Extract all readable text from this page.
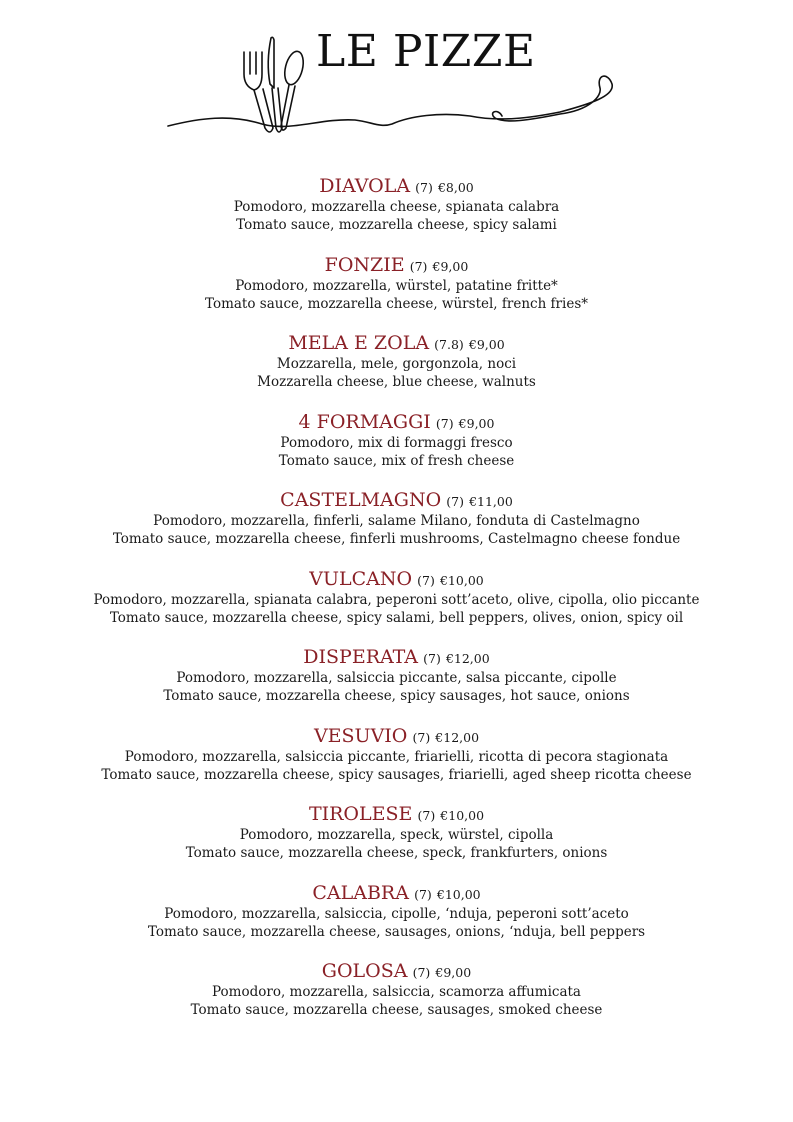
LE PIZZE
DIAVOLA (7) €8,00
Pomodoro, mozzarella cheese, spianata calabra
Tomato sauce, mozzarella cheese, spicy salami
FONZIE (7) €9,00
Pomodoro, mozzarella, würstel, patatine fritte*
Tomato sauce, mozzarella cheese, würstel, french fries*
MELA E ZOLA (7.8) €9,00
Mozzarella, mele, gorgonzola, noci
Mozzarella cheese, blue cheese, walnuts
4 FORMAGGI (7) €9,00
Pomodoro, mix di formaggi fresco
Tomato sauce, mix of fresh cheese
CASTELMAGNO (7) €11,00
Pomodoro, mozzarella, finferli, salame Milano, fonduta di Castelmagno
Tomato sauce, mozzarella cheese, finferli mushrooms, Castelmagno cheese fondue
VULCANO (7) €10,00
Pomodoro, mozzarella, spianata calabra, peperoni sott’aceto, olive, cipolla, olio piccante
Tomato sauce, mozzarella cheese, spicy salami, bell peppers, olives, onion, spicy oil
DISPERATA (7) €12,00
Pomodoro, mozzarella, salsiccia piccante, salsa piccante, cipolle
Tomato sauce, mozzarella cheese, spicy sausages, hot sauce, onions
VESUVIO (7) €12,00
Pomodoro, mozzarella, salsiccia piccante, friarielli, ricotta di pecora stagionata
Tomato sauce, mozzarella cheese, spicy sausages, friarielli, aged sheep ricotta cheese
TIROLESE (7) €10,00
Pomodoro, mozzarella, speck, würstel, cipolla
Tomato sauce, mozzarella cheese, speck, frankfurters, onions
CALABRA (7) €10,00
Pomodoro, mozzarella, salsiccia, cipolle, ‘nduja, peperoni sott’aceto
Tomato sauce, mozzarella cheese, sausages, onions, ‘nduja, bell peppers
GOLOSA (7) €9,00
Pomodoro, mozzarella, salsiccia, scamorza affumicata
Tomato sauce, mozzarella cheese, sausages, smoked cheese
